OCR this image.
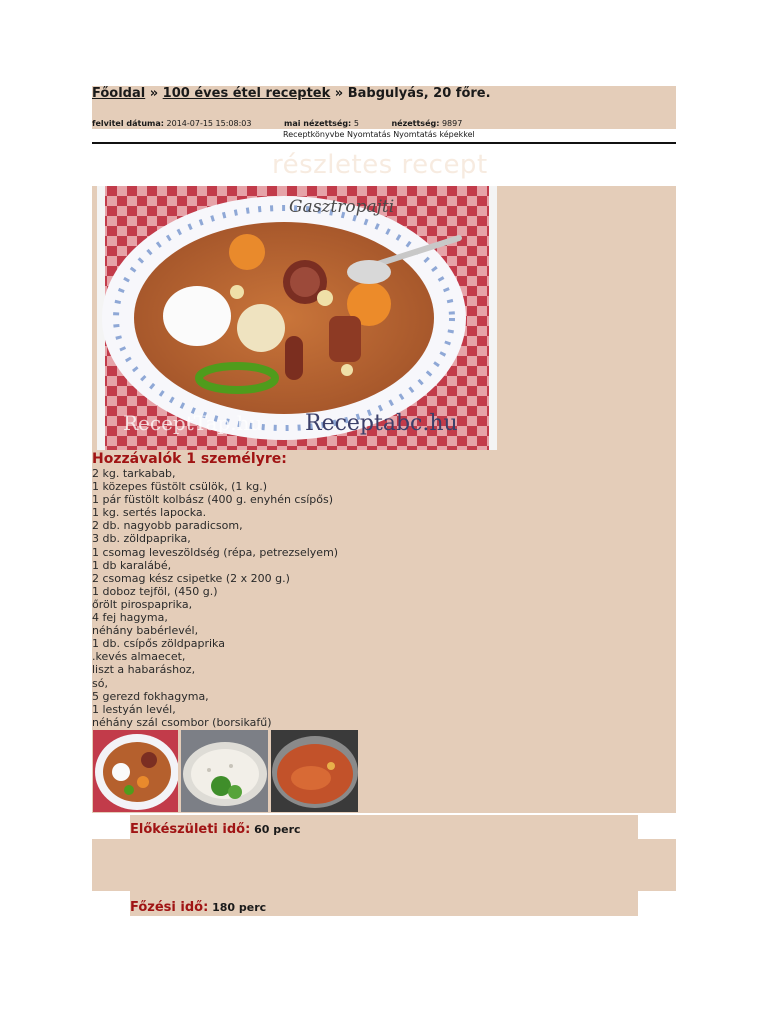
Főoldal » 100 éves étel receptek » Babgulyás, 20 főre.
felvitel dátuma: 2014-07-15 15:08:03	mai nézettség: 5	nézettség: 9897
Receptkönyvbe Nyomtatás Nyomtatás képekkel
részletes recept
Gasztropajti
ReceptTap.hu Receptabc.hu
Hozzávalók 1 személyre:
2 kg. tarkabab,
1 közepes füstölt csülök, (1 kg.)
1 pár füstölt kolbász (400 g. enyhén csípős)
1 kg. sertés lapocka.
2 db. nagyobb paradicsom,
3 db. zöldpaprika,
1 csomag leveszöldség (répa, petrezselyem)
1 db karalábé,
2 csomag kész csipetke (2 x 200 g.)
1 doboz tejföl, (450 g.)
őrölt pirospaprika,
4 fej hagyma,
néhány babérlevél,
1 db. csípős zöldpaprika
.kevés almaecet,
liszt a habaráshoz,
só,
5 gerezd fokhagyma,
1 lestyán levél,
néhány szál csombor (borsikafű)
Előkészületi idő: 60 perc
Főzési idő: 180 perc
